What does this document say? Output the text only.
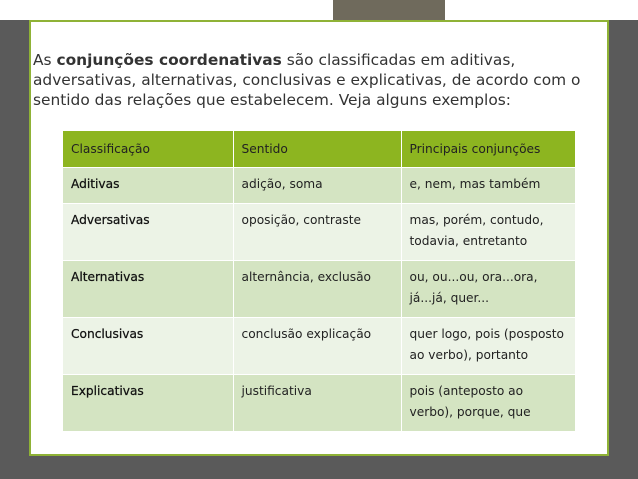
As conjunções coordenativas são classificadas em aditivas, adversativas, alternativas, conclusivas e explicativas, de acordo com o sentido das relações que estabelecem. Veja alguns exemplos:

Classificação	Sentido	Principais conjunções
Aditivas	adição, soma	e, nem, mas também
Adversativas	oposição, contraste	mas, porém, contudo, todavia, entretanto
Alternativas	alternância, exclusão	ou, ou...ou, ora...ora, já...já, quer...
Conclusivas	conclusão explicação	quer logo, pois (posposto ao verbo), portanto
Explicativas	justificativa	pois (anteposto ao verbo), porque, que
